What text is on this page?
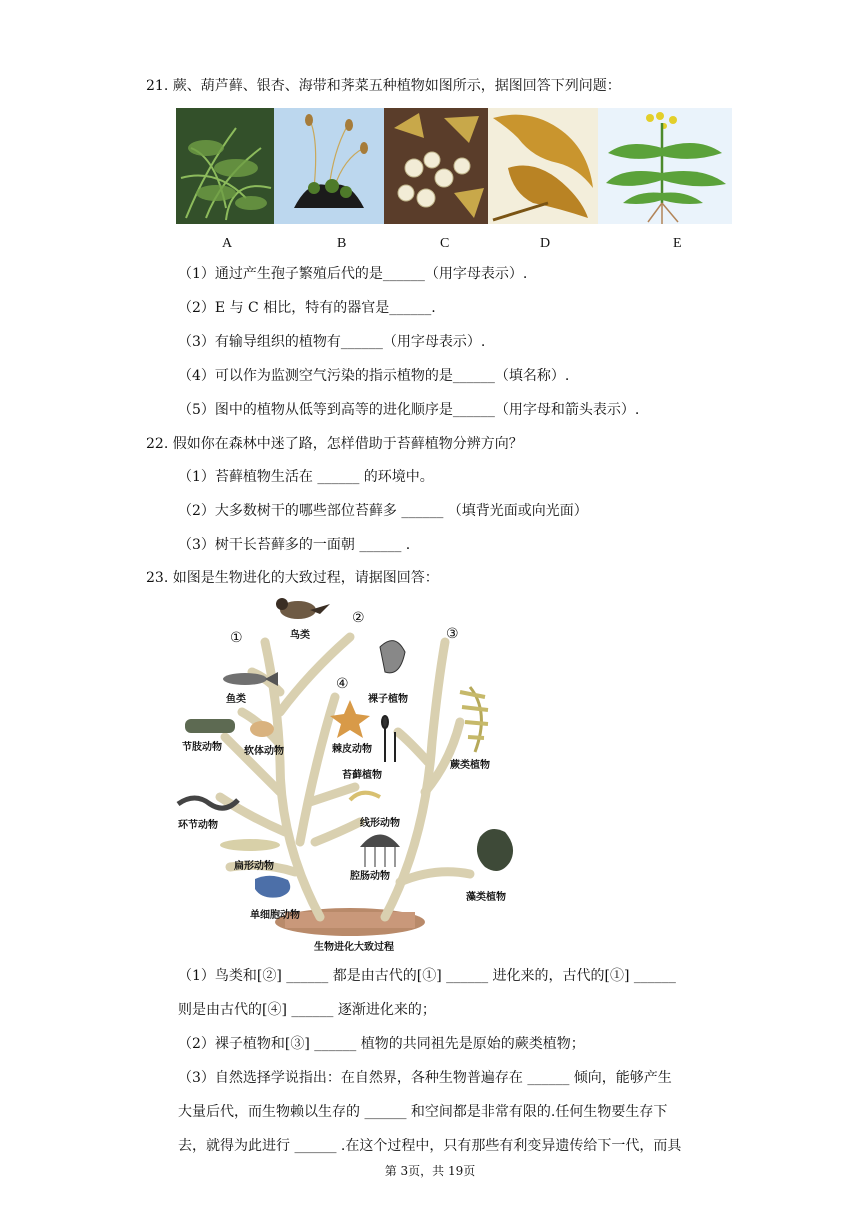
21. 蕨、葫芦藓、银杏、海带和荠菜五种植物如图所示，据图回答下列问题：
A	B	C	D	E
（1）通过产生孢子繁殖后代的是______（用字母表示）.
（2）E 与 C 相比，特有的器官是______.
（3）有输导组织的植物有______（用字母表示）.
（4）可以作为监测空气污染的指示植物的是______（填名称）.
（5）图中的植物从低等到高等的进化顺序是______（用字母和箭头表示）.
22. 假如你在森林中迷了路，怎样借助于苔藓植物分辨方向？
（1）苔藓植物生活在 ______ 的环境中。
（2）大多数树干的哪些部位苔藓多 ______ （填背光面或向光面）
（3）树干长苔藓多的一面朝 ______ .
23. 如图是生物进化的大致过程，请据图回答：
①
②
③
④
鸟类
鱼类	裸子植物
棘皮动物
节肢动物 软体动物
苔藓植物
蕨类植物
环节动物	线形动物
扁形动物
腔肠动物
藻类植物
单细胞动物
生物进化大致过程
（1）鸟类和[②] ______ 都是由古代的[①] ______ 进化来的，古代的[①] ______
则是由古代的[④] ______ 逐渐进化来的；
（2）裸子植物和[③] ______ 植物的共同祖先是原始的蕨类植物；
（3）自然选择学说指出：在自然界，各种生物普遍存在 ______ 倾向，能够产生
大量后代，而生物赖以生存的 ______ 和空间都是非常有限的.任何生物要生存下
去，就得为此进行 ______ .在这个过程中，只有那些有利变异遗传给下一代，而具
第 3页，共 19页
